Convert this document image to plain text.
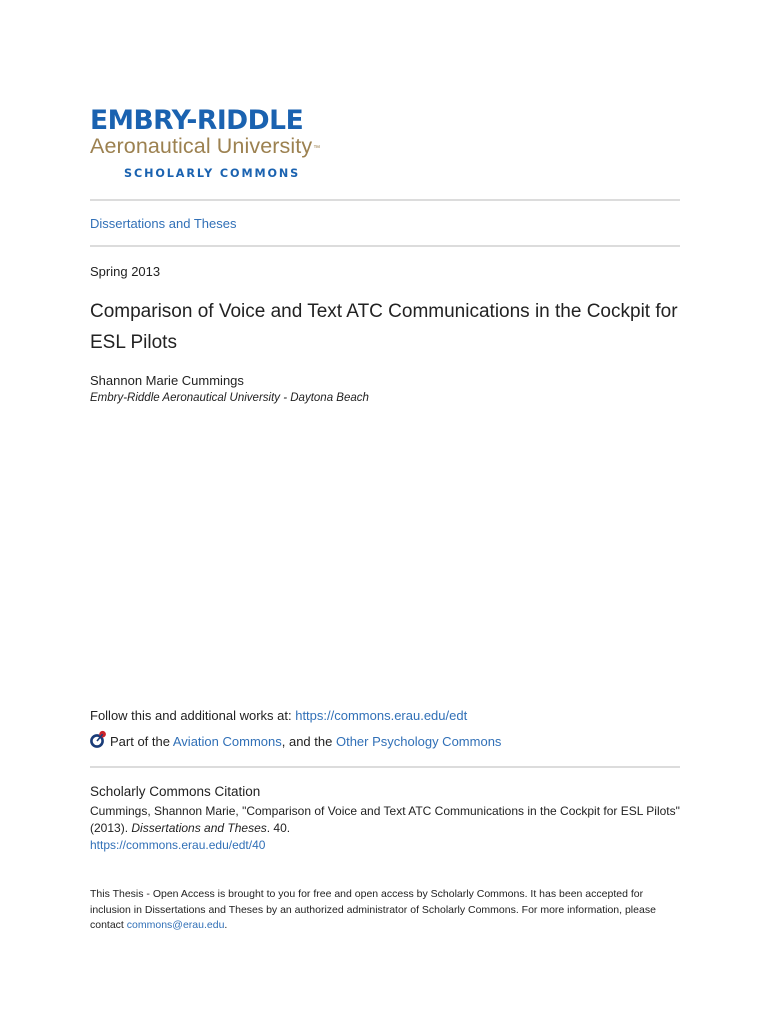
EMBRY-RIDDLE
Aeronautical University™
SCHOLARLY COMMONS
Dissertations and Theses
Spring 2013
Comparison of Voice and Text ATC Communications in the Cockpit for ESL Pilots
Shannon Marie Cummings
Embry-Riddle Aeronautical University - Daytona Beach
Follow this and additional works at: https://commons.erau.edu/edt
Part of the Aviation Commons, and the Other Psychology Commons
Scholarly Commons Citation
Cummings, Shannon Marie, "Comparison of Voice and Text ATC Communications in the Cockpit for ESL Pilots" (2013). Dissertations and Theses. 40.
https://commons.erau.edu/edt/40
This Thesis - Open Access is brought to you for free and open access by Scholarly Commons. It has been accepted for inclusion in Dissertations and Theses by an authorized administrator of Scholarly Commons. For more information, please contact commons@erau.edu.
